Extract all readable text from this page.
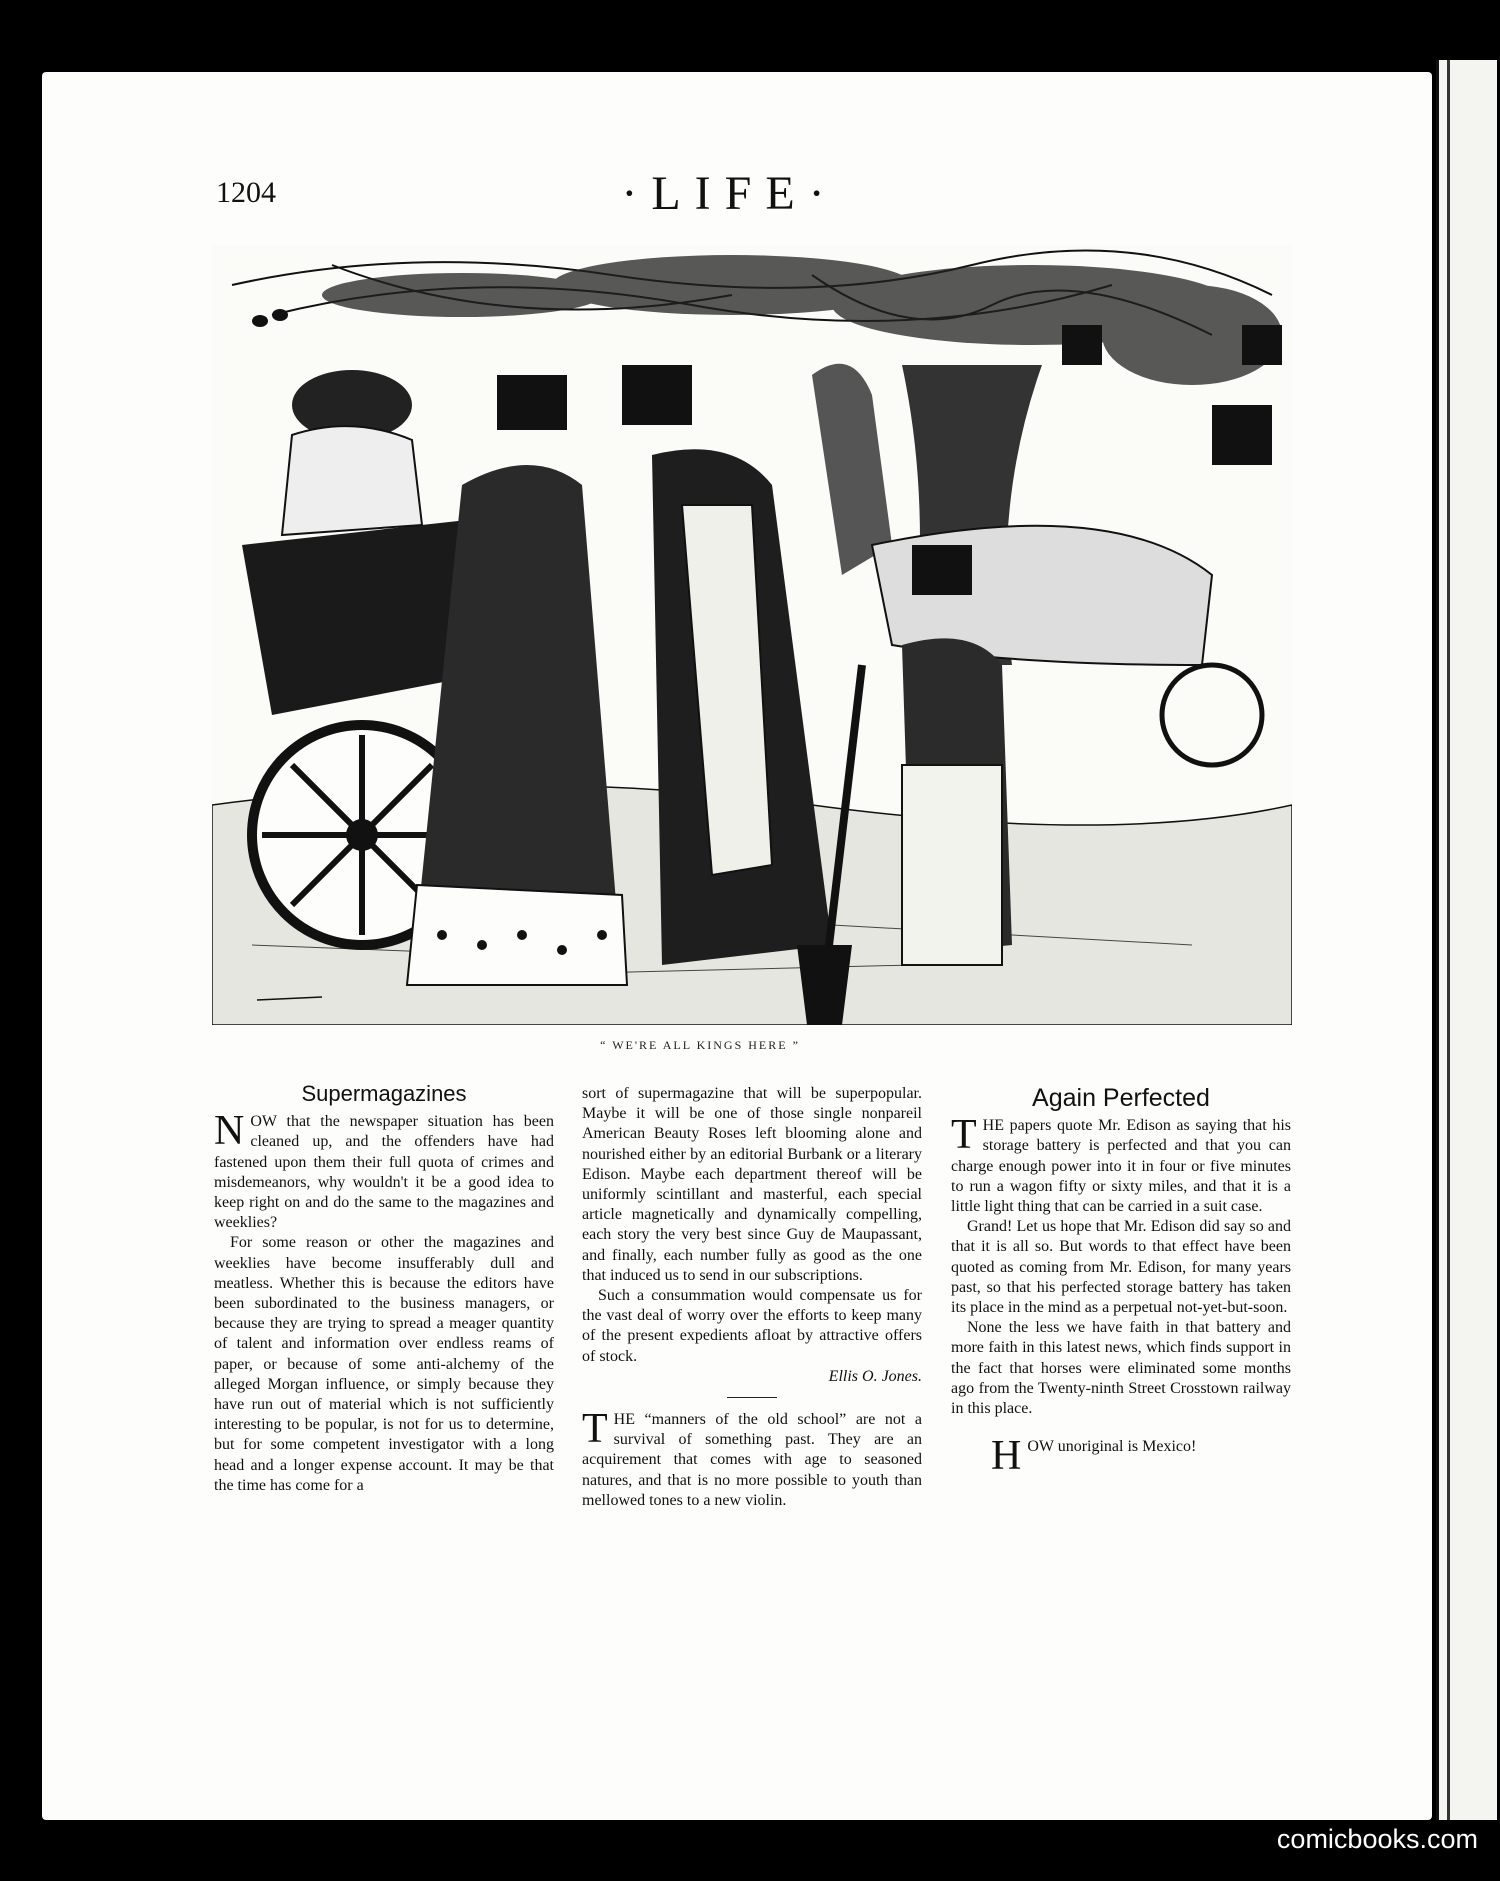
1204	·LIFE·
“ WE'RE ALL KINGS HERE ”
Supermagazines

NOW that the newspaper situation has been cleaned up, and the offenders have had fastened upon them their full quota of crimes and misdemeanors, why wouldn't it be a good idea to keep right on and do the same to the magazines and weeklies?

For some reason or other the magazines and weeklies have become insufferably dull and meatless. Whether this is because the editors have been subordinated to the business managers, or because they are trying to spread a meager quantity of talent and information over endless reams of paper, or because of some anti-alchemy of the alleged Morgan influence, or simply because they have run out of material which is not sufficiently interesting to be popular, is not for us to determine, but for some competent investigator with a long head and a longer expense account. It may be that the time has come for a

sort of supermagazine that will be superpopular. Maybe it will be one of those single nonpareil American Beauty Roses left blooming alone and nourished either by an editorial Burbank or a literary Edison. Maybe each department thereof will be uniformly scintillant and masterful, each special article magnetically and dynamically compelling, each story the very best since Guy de Maupassant, and finally, each number fully as good as the one that induced us to send in our subscriptions.

Such a consummation would compensate us for the vast deal of worry over the efforts to keep many of the present expedients afloat by attractive offers of stock.

Ellis O. Jones.

THE “manners of the old school” are not a survival of something past. They are an acquirement that comes with age to seasoned natures, and that is no more possible to youth than mellowed tones to a new violin.

Again Perfected

THE papers quote Mr. Edison as saying that his storage battery is perfected and that you can charge enough power into it in four or five minutes to run a wagon fifty or sixty miles, and that it is a little light thing that can be carried in a suit case.

Grand! Let us hope that Mr. Edison did say so and that it is all so. But words to that effect have been quoted as coming from Mr. Edison, for many years past, so that his perfected storage battery has taken its place in the mind as a perpetual not-yet-but-soon.

None the less we have faith in that battery and more faith in this latest news, which finds support in the fact that horses were eliminated some months ago from the Twenty-ninth Street Crosstown railway in this place.

HOW unoriginal is Mexico!

comicbooks.com
